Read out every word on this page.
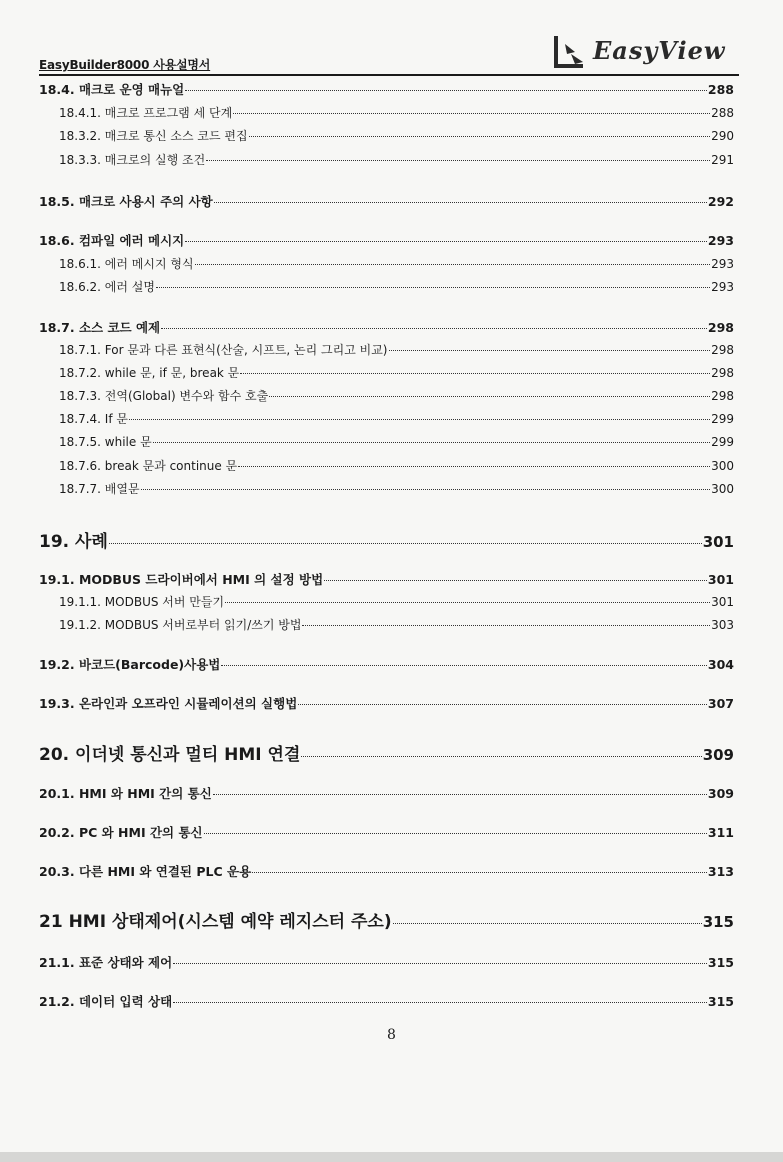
EasyBuilder8000 사용설명서	EasyView
18.4. 매크로 운영 매뉴얼	288
18.4.1. 매크로 프로그램 세 단계	288
18.3.2. 매크로 통신 소스 코드 편집	290
18.3.3. 매크로의 실행 조건	291
18.5. 매크로 사용시 주의 사항	292
18.6. 컴파일 에러 메시지	293
18.6.1. 에러 메시지 형식	293
18.6.2. 에러 설명	293
18.7. 소스 코드 예제	298
18.7.1. For 문과 다른 표현식(산술, 시프트, 논리 그리고 비교)	298
18.7.2. while 문, if 문, break 문	298
18.7.3. 전역(Global) 변수와 함수 호출	298
18.7.4. If 문	299
18.7.5. while 문	299
18.7.6. break 문과 continue 문	300
18.7.7. 배열문	300
19. 사례	301
19.1. MODBUS 드라이버에서 HMI 의 설정 방법	301
19.1.1. MODBUS 서버 만들기	301
19.1.2. MODBUS 서버로부터 읽기/쓰기 방법	303
19.2. 바코드(Barcode)사용법	304
19.3. 온라인과 오프라인 시뮬레이션의 실행법	307
20. 이더넷 통신과 멀티 HMI 연결	309
20.1. HMI 와 HMI 간의 통신	309
20.2. PC 와 HMI 간의 통신	311
20.3. 다른 HMI 와 연결된 PLC 운용	313
21 HMI 상태제어(시스템 예약 레지스터 주소)	315
21.1. 표준 상태와 제어	315
21.2. 데이터 입력 상태	315
8
